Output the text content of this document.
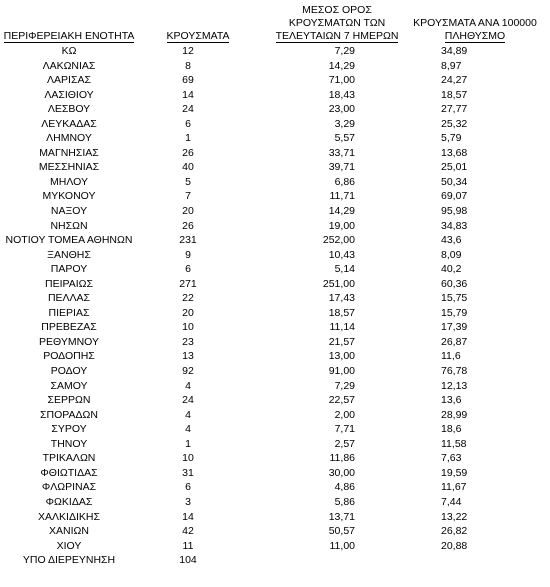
ΠΕΡΙΦΕΡΕΙΑΚΗ ΕΝΟΤΗΤΑ	ΚΡΟΥΣΜΑΤΑ
ΜΕΣΟΣ ΟΡΟΣ
ΚΡΟΥΣΜΑΤΩΝ ΤΩΝ
ΤΕΛΕΥΤΑΙΩΝ 7 ΗΜΕΡΩΝ
ΚΡΟΥΣΜΑΤΑ ΑΝΑ 100000
ΠΛΗΘΥΣΜΟ
ΚΩ	12	7,29	34,89
ΛΑΚΩΝΙΑΣ	8	14,29	8,97
ΛΑΡΙΣΑΣ	69	71,00	24,27
ΛΑΣΙΘΙΟΥ	14	18,43	18,57
ΛΕΣΒΟΥ	24	23,00	27,77
ΛΕΥΚΑΔΑΣ	6	3,29	25,32
ΛΗΜΝΟΥ	1	5,57	5,79
ΜΑΓΝΗΣΙΑΣ	26	33,71	13,68
ΜΕΣΣΗΝΙΑΣ	40	39,71	25,01
ΜΗΛΟΥ	5	6,86	50,34
ΜΥΚΟΝΟΥ	7	11,71	69,07
ΝΑΞΟΥ	20	14,29	95,98
ΝΗΣΩΝ	26	19,00	34,83
ΝΟΤΙΟΥ ΤΟΜΕΑ ΑΘΗΝΩΝ	231	252,00	43,6
ΞΑΝΘΗΣ	9	10,43	8,09
ΠΑΡΟΥ	6	5,14	40,2
ΠΕΙΡΑΙΩΣ	271	251,00	60,36
ΠΕΛΛΑΣ	22	17,43	15,75
ΠΙΕΡΙΑΣ	20	18,57	15,79
ΠΡΕΒΕΖΑΣ	10	11,14	17,39
ΡΕΘΥΜΝΟΥ	23	21,57	26,87
ΡΟΔΟΠΗΣ	13	13,00	11,6
ΡΟΔΟΥ	92	91,00	76,78
ΣΑΜΟΥ	4	7,29	12,13
ΣΕΡΡΩΝ	24	22,57	13,6
ΣΠΟΡΑΔΩΝ	4	2,00	28,99
ΣΥΡΟΥ	4	7,71	18,6
ΤΗΝΟΥ	1	2,57	11,58
ΤΡΙΚΑΛΩΝ	10	11,86	7,63
ΦΘΙΩΤΙΔΑΣ	31	30,00	19,59
ΦΛΩΡΙΝΑΣ	6	4,86	11,67
ΦΩΚΙΔΑΣ	3	5,86	7,44
ΧΑΛΚΙΔΙΚΗΣ	14	13,71	13,22
ΧΑΝΙΩΝ	42	50,57	26,82
ΧΙΟΥ	11	11,00	20,88
ΥΠΟ ΔΙΕΡΕΥΝΗΣΗ	104
